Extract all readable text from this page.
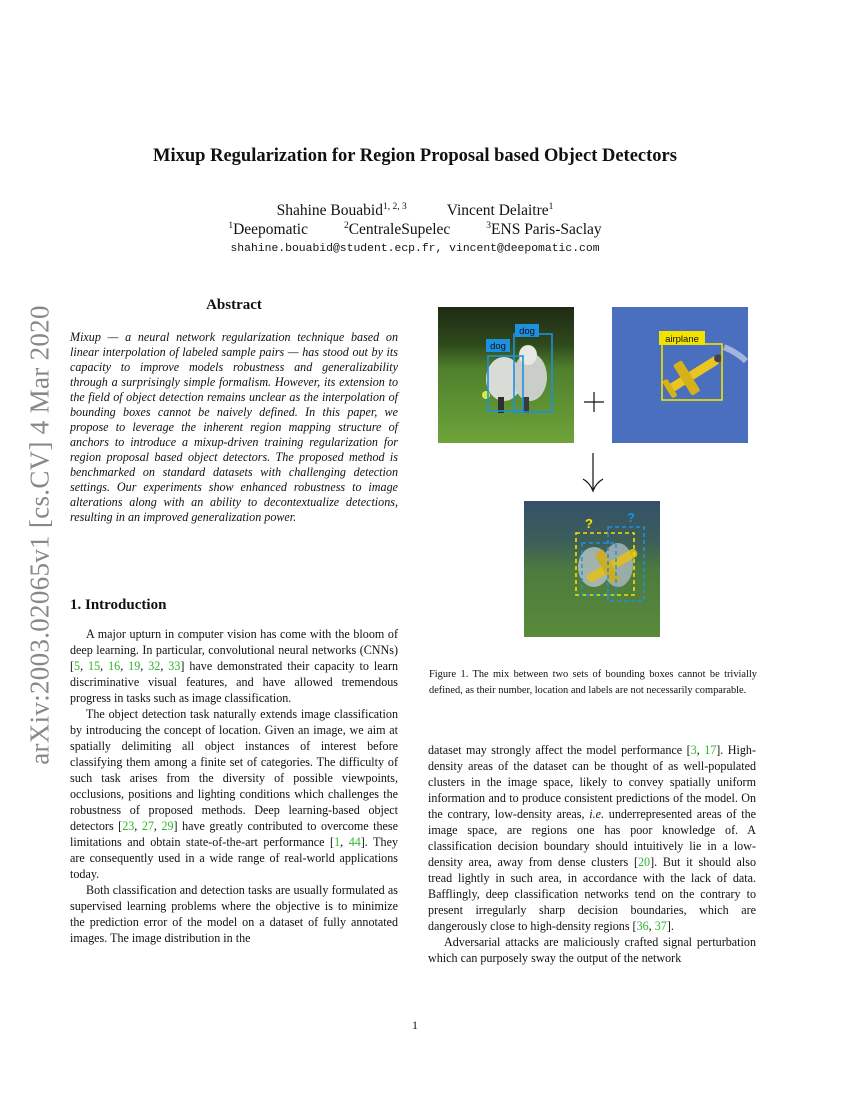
arXiv:2003.02065v1 [cs.CV] 4 Mar 2020
Mixup Regularization for Region Proposal based Object Detectors
Shahine Bouabid$^{1, 2, 3}$	Vincent Delaitre$^1$
$^1$Deepomatic	$^2$CentraleSupelec	$^3$ENS Paris-Saclay
shahine.bouabid@student.ecp.fr, vincent@deepomatic.com
Abstract

Mixup — a neural network regularization technique based on linear interpolation of labeled sample pairs — has stood out by its capacity to improve models robustness and generalizability through a surprisingly simple formalism. However, its extension to the field of object detection remains unclear as the interpolation of bounding boxes cannot be naively defined. In this paper, we propose to leverage the inherent region mapping structure of anchors to introduce a mixup-driven training regularization for region proposal based object detectors. The proposed method is benchmarked on standard datasets with challenging detection settings. Our experiments show enhanced robustness to image alterations along with an ability to decontextualize detections, resulting in an improved generalization power.

1. Introduction

A major upturn in computer vision has come with the bloom of deep learning. In particular, convolutional neural networks (CNNs) [5, 15, 16, 19, 32, 33] have demonstrated their capacity to learn discriminative visual features, and have allowed tremendous progress in tasks such as image classification.

The object detection task naturally extends image classification by introducing the concept of location. Given an image, we aim at spatially delimiting all object instances of interest before classifying them among a finite set of categories. The difficulty of such task arises from the diversity of possible viewpoints, occlusions, positions and lighting conditions which challenges the robustness of proposed methods. Deep learning-based object detectors [23, 27, 29] have greatly contributed to overcome these limitations and obtain state-of-the-art performance [1, 44]. They are consequently used in a wide range of real-world applications today.

Both classification and detection tasks are usually formulated as supervised learning problems where the objective is to minimize the prediction error of the model on a dataset of fully annotated images. The image distribution in the

dataset may strongly affect the model performance [3, 17]. High-density areas of the dataset can be thought of as well-populated clusters in the image space, likely to convey spatially uniform information and to produce consistent predictions of the model. On the contrary, low-density areas, i.e. underrepresented areas of the image space, are regions one has poor knowledge of. A classification decision boundary should intuitively lie in a low-density area, away from dense clusters [20]. But it should also tread lightly in such area, in accordance with the lack of data. Bafflingly, deep classification networks tend on the contrary to present irregularly sharp decision boundaries, which are dangerously close to high-density regions [36, 37].

Adversarial attacks are maliciously crafted signal perturbation which can purposely sway the output of the network

dog
dog
airplane
?	?

Figure 1. The mix between two sets of bounding boxes cannot be trivially defined, as their number, location and labels are not necessarily comparable.

1
